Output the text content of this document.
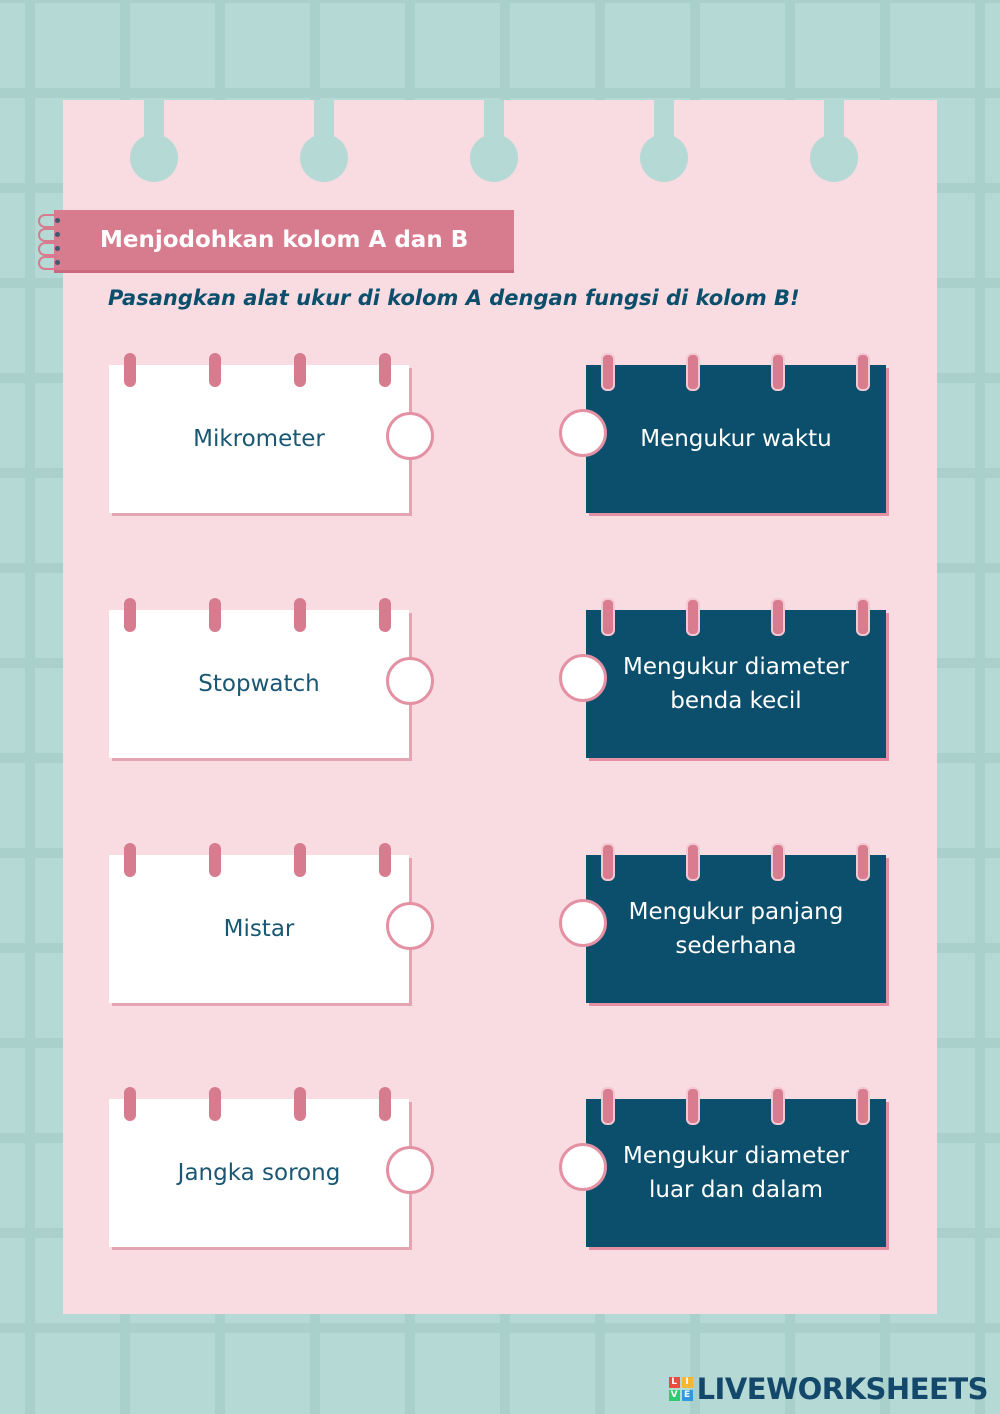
Menjodohkan kolom A dan B
Pasangkan alat ukur di kolom A dengan fungsi di kolom B!
Mikrometer	Mengukur waktu
Stopwatch
Mengukur diameter benda kecil
Mistar
Mengukur panjang sederhana
Jangka sorong
Mengukur diameter luar dan dalam
L I
V E LIVEWORKSHEETS
